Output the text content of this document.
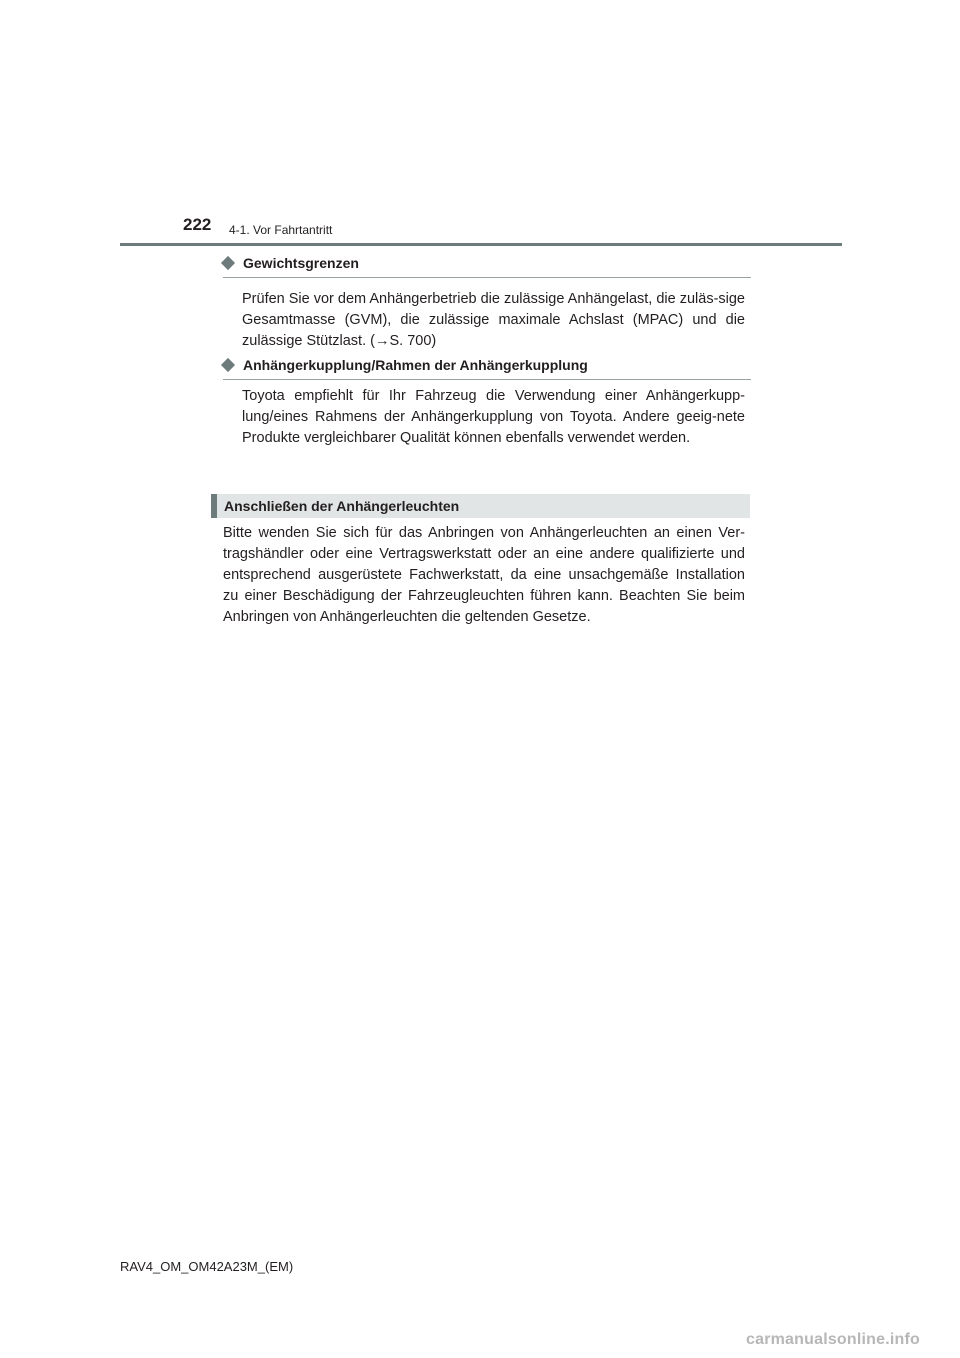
222 4-1. Vor Fahrtantritt
Gewichtsgrenzen

Prüfen Sie vor dem Anhängerbetrieb die zulässige Anhängelast, die zuläs-sige Gesamtmasse (GVM), die zulässige maximale Achslast (MPAC) und die zulässige Stützlast. (→S. 700)

Anhängerkupplung/Rahmen der Anhängerkupplung

Toyota empfiehlt für Ihr Fahrzeug die Verwendung einer Anhängerkupp-lung/eines Rahmens der Anhängerkupplung von Toyota. Andere geeig-nete Produkte vergleichbarer Qualität können ebenfalls verwendet werden.

Anschließen der Anhängerleuchten

Bitte wenden Sie sich für das Anbringen von Anhängerleuchten an einen Ver-tragshändler oder eine Vertragswerkstatt oder an eine andere qualifizierte und entsprechend ausgerüstete Fachwerkstatt, da eine unsachgemäße Installation zu einer Beschädigung der Fahrzeugleuchten führen kann. Beachten Sie beim Anbringen von Anhängerleuchten die geltenden Gesetze.

RAV4_OM_OM42A23M_(EM)
carmanualsonline.info
